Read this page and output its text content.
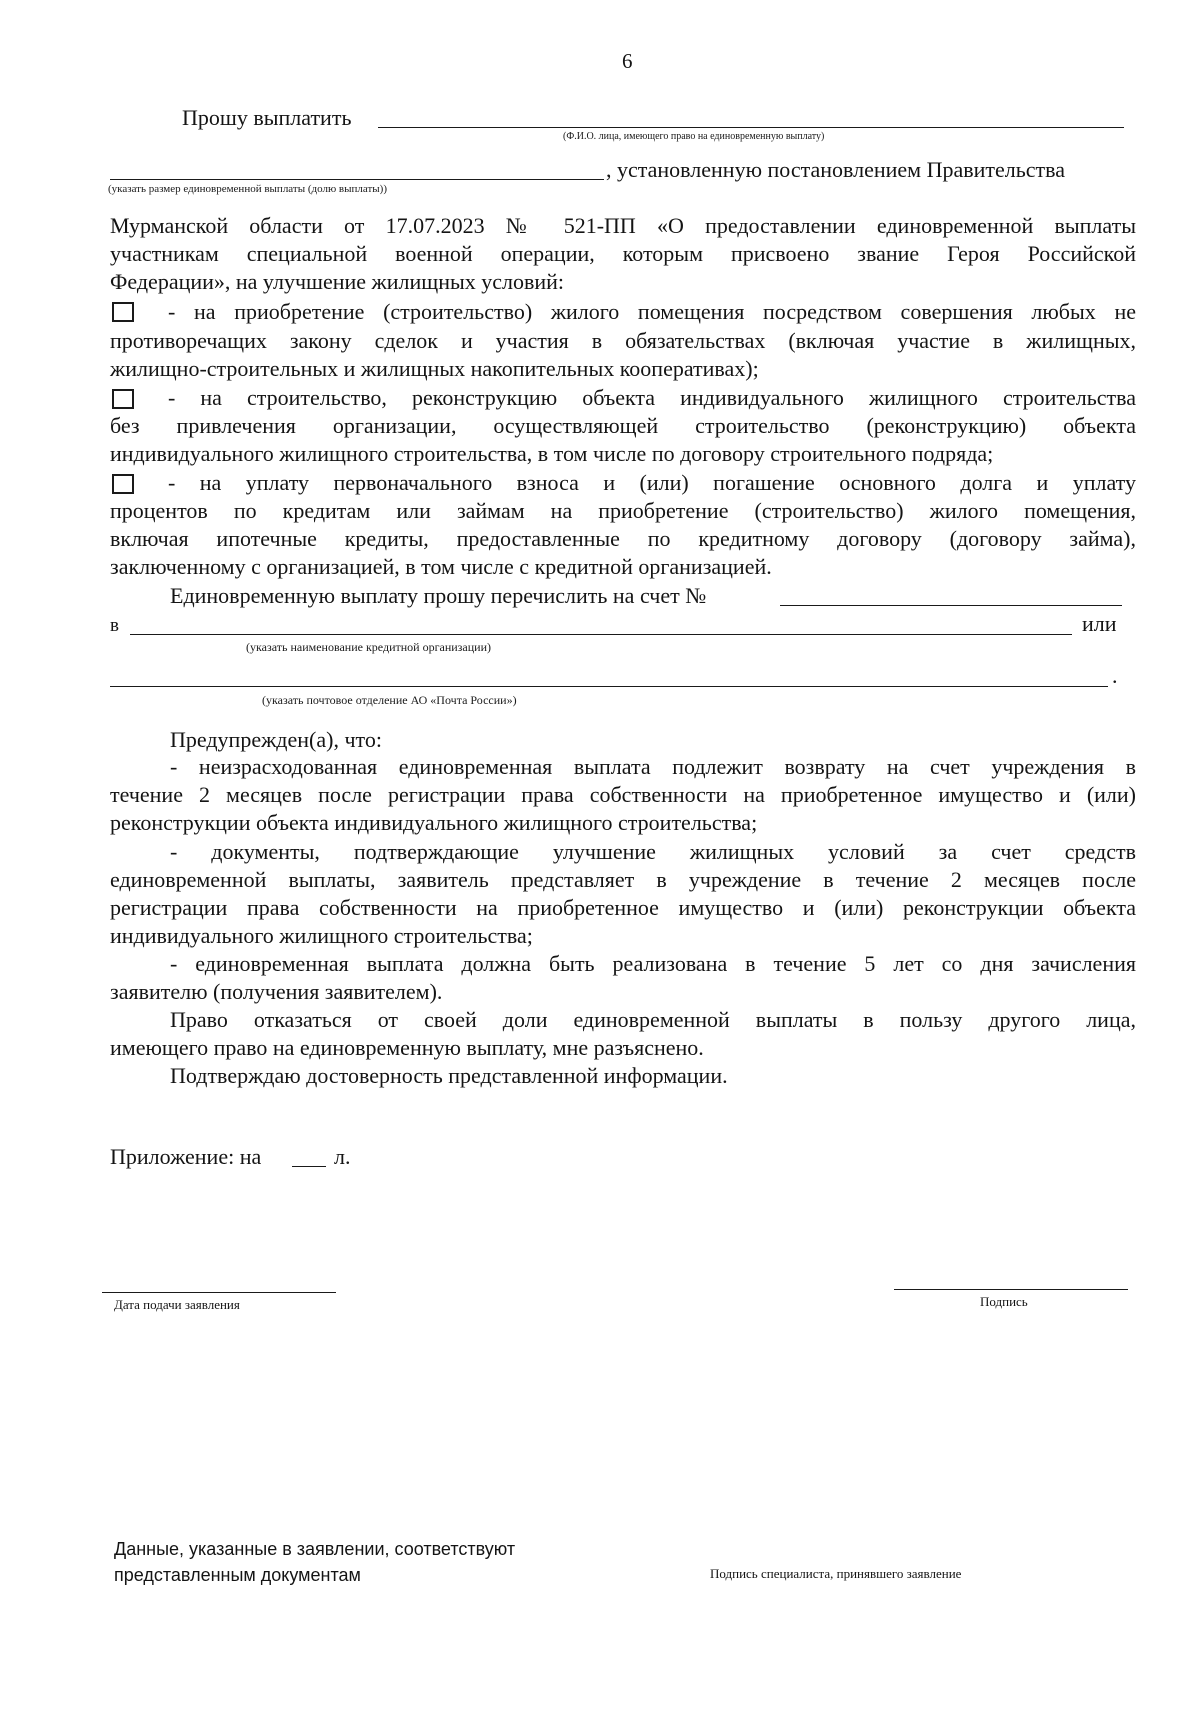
6
Прошу выплатить
(Ф.И.О. лица, имеющего право на единовременную выплату)
, установленную постановлением Правительства
(указать размер единовременной выплаты (долю выплаты))
Мурманской области от 17.07.2023 № 521-ПП «О предоставлении единовременной выплаты
участникам специальной военной операции, которым присвоено звание Героя Российской
Федерации», на улучшение жилищных условий:
- на приобретение (строительство) жилого помещения посредством совершения любых не
противоречащих закону сделок и участия в обязательствах (включая участие в жилищных,
жилищно-строительных и жилищных накопительных кооперативах);
- на строительство, реконструкцию объекта индивидуального жилищного строительства
без привлечения организации, осуществляющей строительство (реконструкцию) объекта
индивидуального жилищного строительства, в том числе по договору строительного подряда;
- на уплату первоначального взноса и (или) погашение основного долга и уплату
процентов по кредитам или займам на приобретение (строительство) жилого помещения,
включая ипотечные кредиты, предоставленные по кредитному договору (договору займа),
заключенному с организацией, в том числе с кредитной организацией.
Единовременную выплату прошу перечислить на счет №
в	или
(указать наименование кредитной организации)
.
(указать почтовое отделение АО «Почта России»)
Предупрежден(а), что:
- неизрасходованная единовременная выплата подлежит возврату на счет учреждения в
течение 2 месяцев после регистрации права собственности на приобретенное имущество и (или)
реконструкции объекта индивидуального жилищного строительства;
- документы, подтверждающие улучшение жилищных условий за счет средств
единовременной выплаты, заявитель представляет в учреждение в течение 2 месяцев после
регистрации права собственности на приобретенное имущество и (или) реконструкции объекта
индивидуального жилищного строительства;
- единовременная выплата должна быть реализована в течение 5 лет со дня зачисления
заявителю (получения заявителем).
Право отказаться от своей доли единовременной выплаты в пользу другого лица,
имеющего право на единовременную выплату, мне разъяснено.
Подтверждаю достоверность представленной информации.
Приложение: на	л.
Дата подачи заявления	Подпись
Данные, указанные в заявлении, соответствуют
представленным документам	Подпись специалиста, принявшего заявление
